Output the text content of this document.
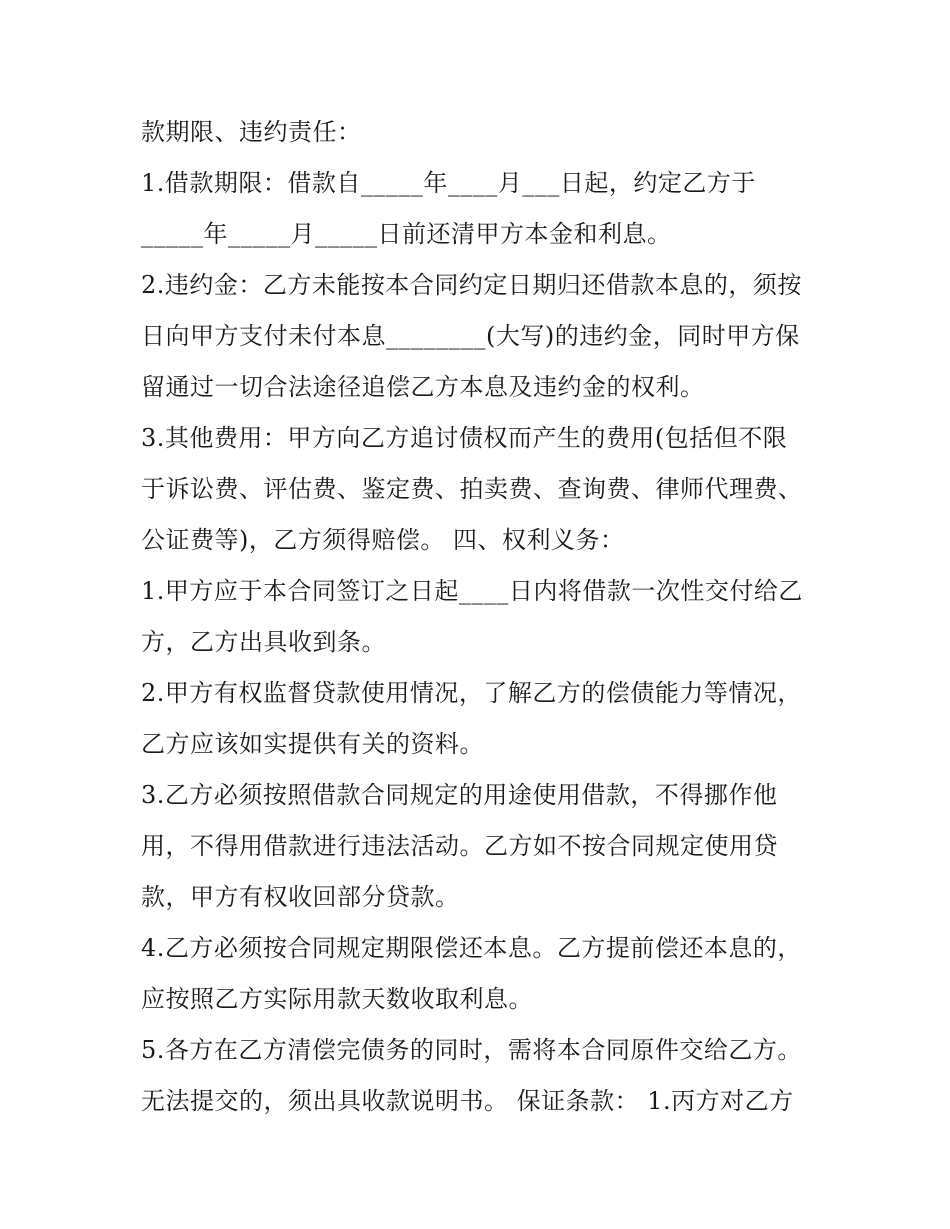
款期限、违约责任：
1.借款期限：借款自_____年____月___日起，约定乙方于
_____年_____月_____日前还清甲方本金和利息。
2.违约金：乙方未能按本合同约定日期归还借款本息的，须按
日向甲方支付未付本息________(大写)的违约金，同时甲方保
留通过一切合法途径追偿乙方本息及违约金的权利。
3.其他费用：甲方向乙方追讨债权而产生的费用(包括但不限
于诉讼费、评估费、鉴定费、拍卖费、查询费、律师代理费、
公证费等)，乙方须得赔偿。 四、权利义务：
1.甲方应于本合同签订之日起____日内将借款一次性交付给乙
方，乙方出具收到条。
2.甲方有权监督贷款使用情况，了解乙方的偿债能力等情况，
乙方应该如实提供有关的资料。
3.乙方必须按照借款合同规定的用途使用借款，不得挪作他
用，不得用借款进行违法活动。乙方如不按合同规定使用贷
款，甲方有权收回部分贷款。
4.乙方必须按合同规定期限偿还本息。乙方提前偿还本息的，
应按照乙方实际用款天数收取利息。
5.各方在乙方清偿完债务的同时，需将本合同原件交给乙方。
无法提交的，须出具收款说明书。 保证条款： 1.丙方对乙方
